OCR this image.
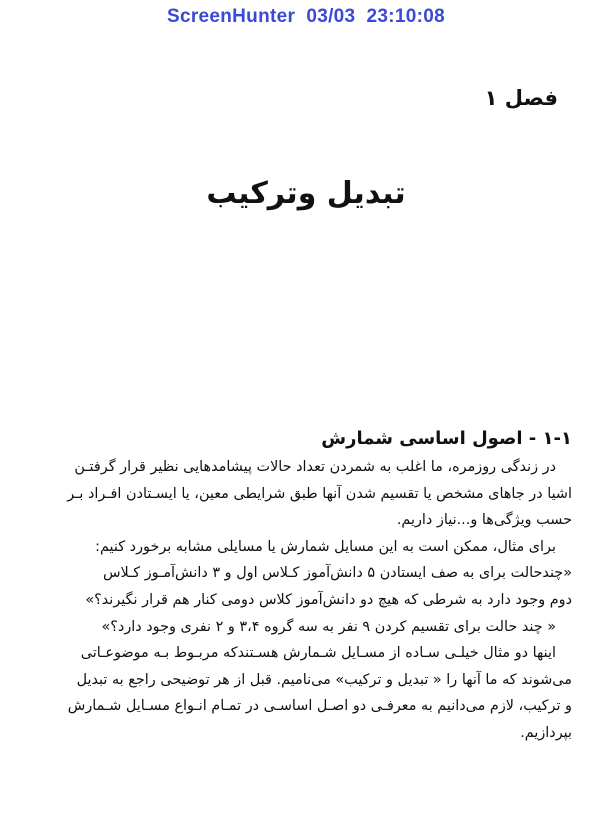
ScreenHunter  03/03  23:10:08
فصل ۱
تبدیل وترکیب
۱-۱ - اصول اساسی شمارش
در زندگی روزمره، ما اغلب به شمردن تعداد حالات پیشامدهایی نظیر قرار گرفتـن
اشیا در جاهای مشخص یا تقسیم شدن آنها طبق شرایطی معین، یا ایسـتادن افـراد بـر
حسب ویژگی‌ها و...نیاز داریم.
برای مثال، ممکن است به این مسایل شمارش یا مسایلی مشابه برخورد کنیم:
«چندحالت برای به صف ایستادن ۵ دانش‌آموز کـلاس اول و ۳ دانش‌آمـوز کـلاس
دوم وجود دارد به شرطی که هیچ دو دانش‌آموز کلاس دومی کنار هم قرار نگیرند؟»
« چند حالت برای تقسیم کردن ۹ نفر به سه گروه ۳،۴ و ۲ نفری وجود دارد؟»
اینها دو مثال خیلـی سـاده از مسـایل شـمارش هسـتندکه مربـوط بـه موضوعـاتی
می‌شوند که ما آنها را « تبدیل و ترکیب» می‌نامیم. قبل از هر توضیحی راجع به تبدیل
و ترکیب، لازم می‌دانیم به معرفـی دو اصـل اساسـی در تمـام انـواع مسـایل شـمارش
بپردازیم.
